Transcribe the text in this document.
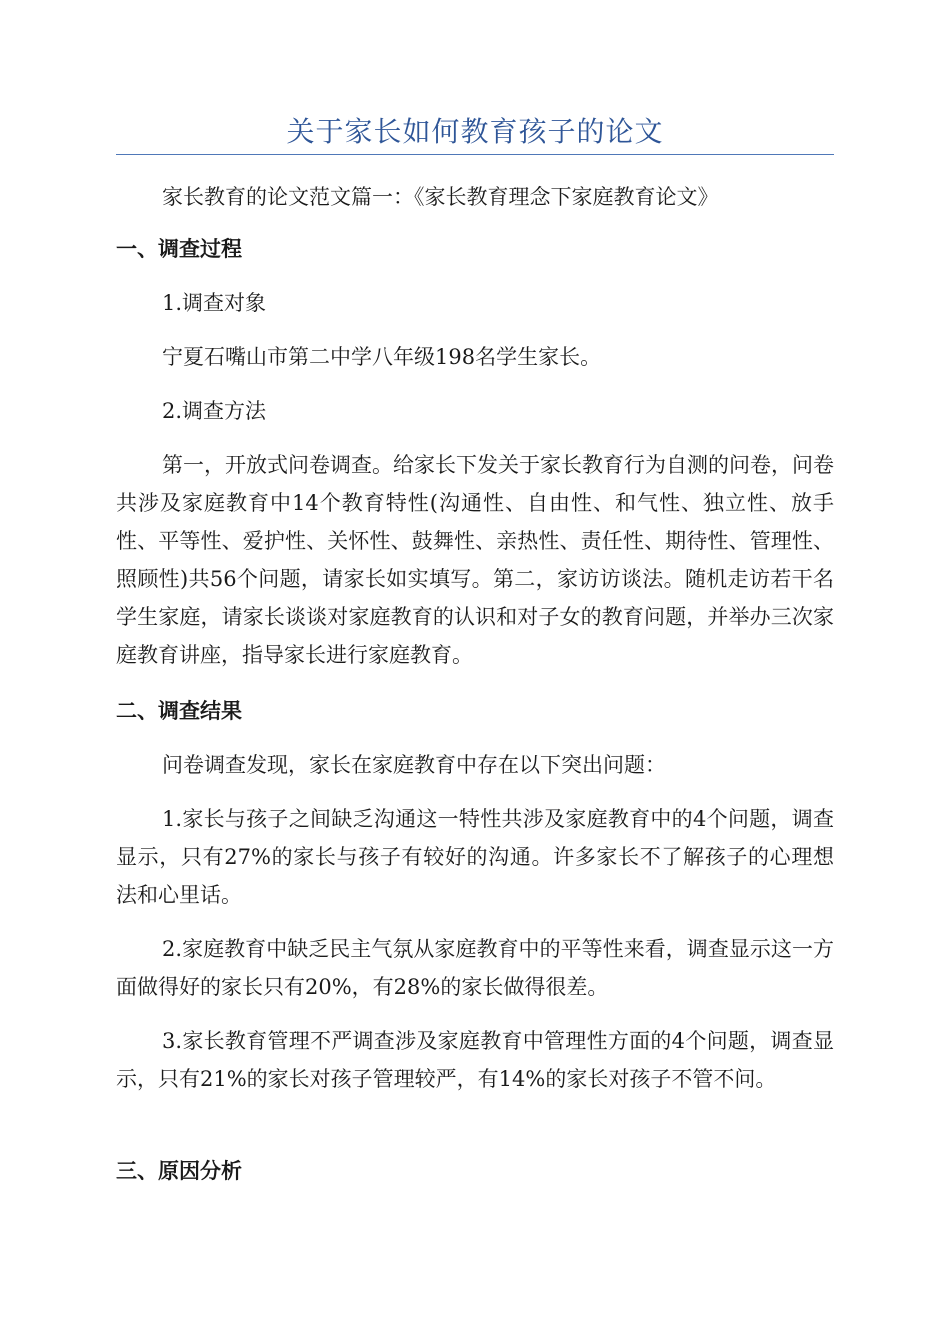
关于家长如何教育孩子的论文
家长教育的论文范文篇一：《家长教育理念下家庭教育论文》
一、调查过程
1.调查对象
宁夏石嘴山市第二中学八年级198名学生家长。
2.调查方法
第一，开放式问卷调查。给家长下发关于家长教育行为自测的问卷，问卷共涉及家庭教育中14个教育特性(沟通性、自由性、和气性、独立性、放手性、平等性、爱护性、关怀性、鼓舞性、亲热性、责任性、期待性、管理性、照顾性)共56个问题，请家长如实填写。第二，家访访谈法。随机走访若干名学生家庭，请家长谈谈对家庭教育的认识和对子女的教育问题，并举办三次家庭教育讲座，指导家长进行家庭教育。
二、调查结果
问卷调查发现，家长在家庭教育中存在以下突出问题：
1.家长与孩子之间缺乏沟通这一特性共涉及家庭教育中的4个问题，调查显示，只有27%的家长与孩子有较好的沟通。许多家长不了解孩子的心理想法和心里话。
2.家庭教育中缺乏民主气氛从家庭教育中的平等性来看，调查显示这一方面做得好的家长只有20%，有28%的家长做得很差。
3.家长教育管理不严调查涉及家庭教育中管理性方面的4个问题，调查显示，只有21%的家长对孩子管理较严，有14%的家长对孩子不管不问。
三、原因分析
